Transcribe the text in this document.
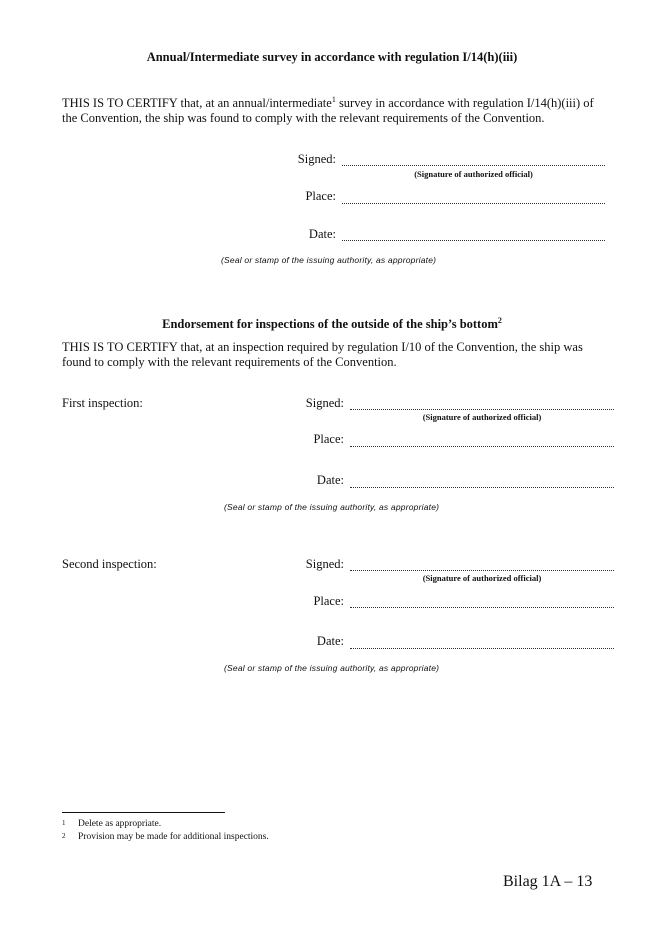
Annual/Intermediate survey in accordance with regulation I/14(h)(iii)
THIS IS TO CERTIFY that, at an annual/intermediate$^1$ survey in accordance with regulation I/14(h)(iii) of the Convention, the ship was found to comply with the relevant requirements of the Convention.
Signed:
(Signature of authorized official)
Place:
Date:
(Seal or stamp of the issuing authority, as appropriate)
Endorsement for inspections of the outside of the ship’s bottom$^2$
THIS IS TO CERTIFY that, at an inspection required by regulation I/10 of the Convention, the ship was found to comply with the relevant requirements of the Convention.
First inspection:	Signed:
(Signature of authorized official)
Place:
Date:
(Seal or stamp of the issuing authority, as appropriate)
Second inspection:	Signed:
(Signature of authorized official)
Place:
Date:
(Seal or stamp of the issuing authority, as appropriate)
1 Delete as appropriate.
2 Provision may be made for additional inspections.
Bilag 1A – 13
